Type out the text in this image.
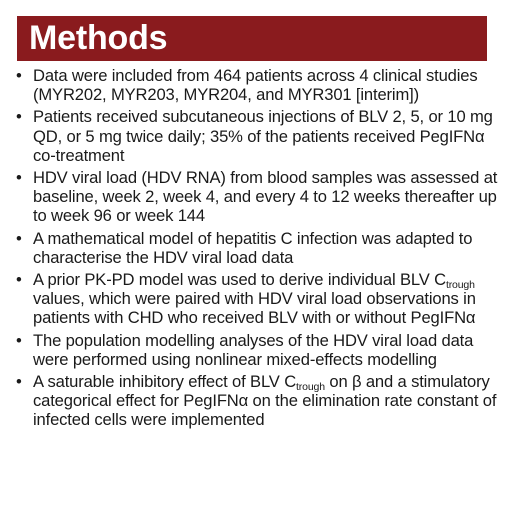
Methods
• Data were included from 464 patients across 4 clinical studies (MYR202, MYR203, MYR204, and MYR301 [interim])
• Patients received subcutaneous injections of BLV 2, 5, or 10 mg QD, or 5 mg twice daily; 35% of the patients received PegIFNα co-treatment
• HDV viral load (HDV RNA) from blood samples was assessed at baseline, week 2, week 4, and every 4 to 12 weeks thereafter up to week 96 or week 144
• A mathematical model of hepatitis C infection was adapted to characterise the HDV viral load data
• A prior PK-PD model was used to derive individual BLV $C_{trough}$ values, which were paired with HDV viral load observations in patients with CHD who received BLV with or without PegIFNα
• The population modelling analyses of the HDV viral load data were performed using nonlinear mixed-effects modelling
• A saturable inhibitory effect of BLV $C_{trough}$ on β and a stimulatory categorical effect for PegIFNα on the elimination rate constant of infected cells were implemented
